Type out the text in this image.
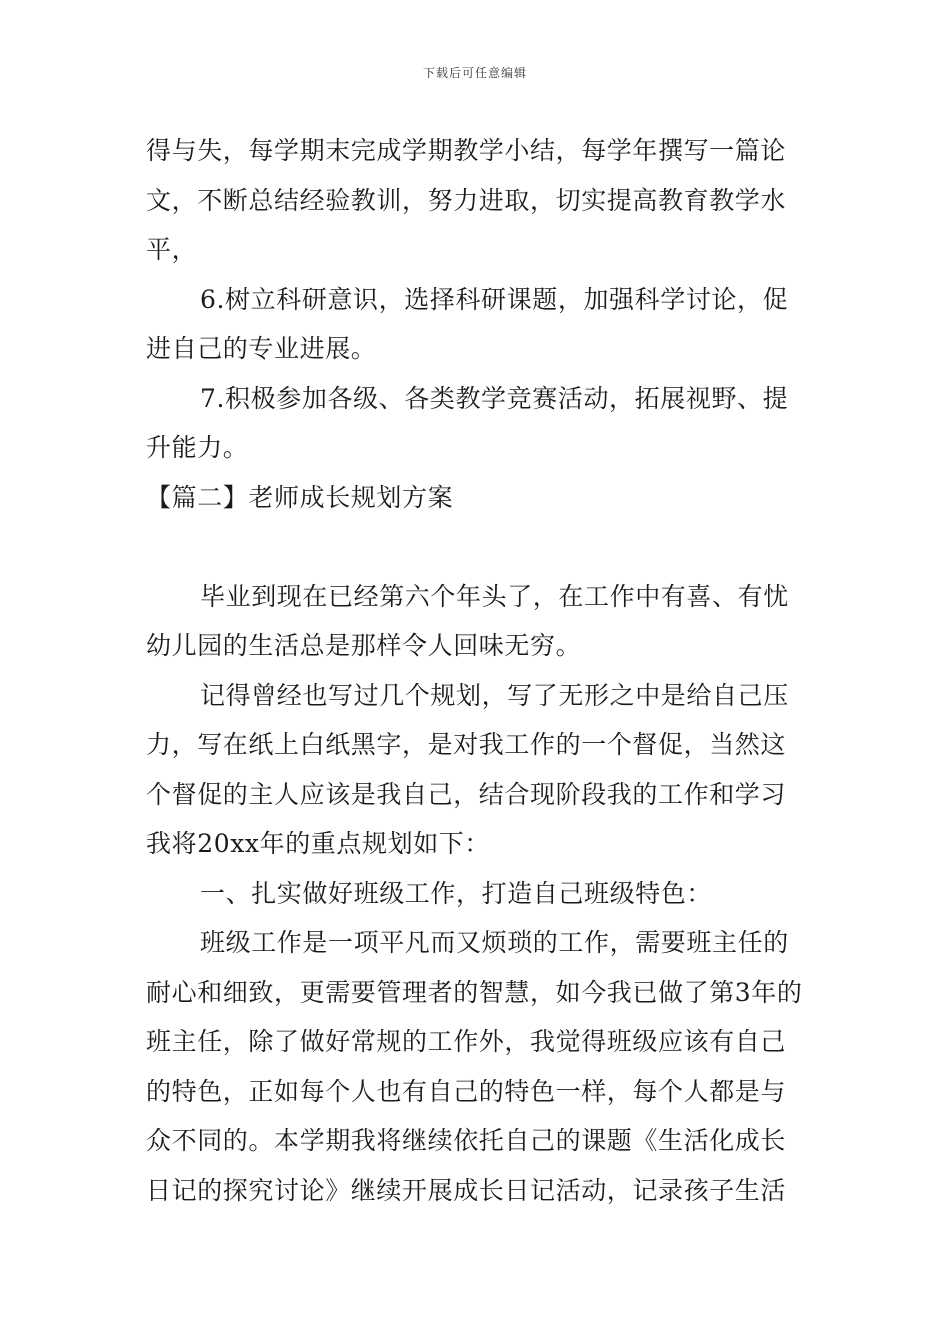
下载后可任意编辑
得与失，每学期末完成学期教学小结，每学年撰写一篇论
文，不断总结经验教训，努力进取，切实提高教育教学水
平，
6.树立科研意识，选择科研课题，加强科学讨论，促
进自己的专业进展。
7.积极参加各级、各类教学竞赛活动，拓展视野、提
升能力。
【篇二】老师成长规划方案
毕业到现在已经第六个年头了，在工作中有喜、有忧
幼儿园的生活总是那样令人回味无穷。
记得曾经也写过几个规划，写了无形之中是给自己压
力，写在纸上白纸黑字，是对我工作的一个督促，当然这
个督促的主人应该是我自己，结合现阶段我的工作和学习
我将20xx年的重点规划如下：
一、扎实做好班级工作，打造自己班级特色：
班级工作是一项平凡而又烦琐的工作，需要班主任的
耐心和细致，更需要管理者的智慧，如今我已做了第3年的
班主任，除了做好常规的工作外，我觉得班级应该有自己
的特色，正如每个人也有自己的特色一样，每个人都是与
众不同的。本学期我将继续依托自己的课题《生活化成长
日记的探究讨论》继续开展成长日记活动，记录孩子生活
